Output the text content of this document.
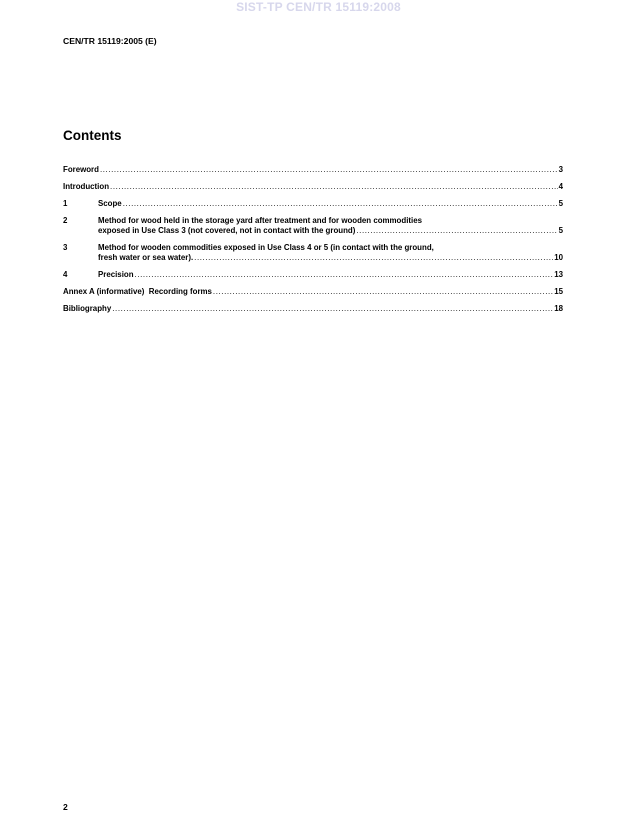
SIST-TP CEN/TR 15119:2008
CEN/TR 15119:2005 (E)
Contents
Foreword .....	3
Introduction .....	4
1	Scope .....	5
2	Method for wood held in the storage yard after treatment and for wooden commodities
exposed in Use Class 3 (not covered, not in contact with the ground) .....	5
3	Method for wooden commodities exposed in Use Class 4 or 5 (in contact with the ground,
fresh water or sea water). .....	10
4	Precision .....	13
Annex A (informative)  Recording forms .....	15
Bibliography .....	18
2
